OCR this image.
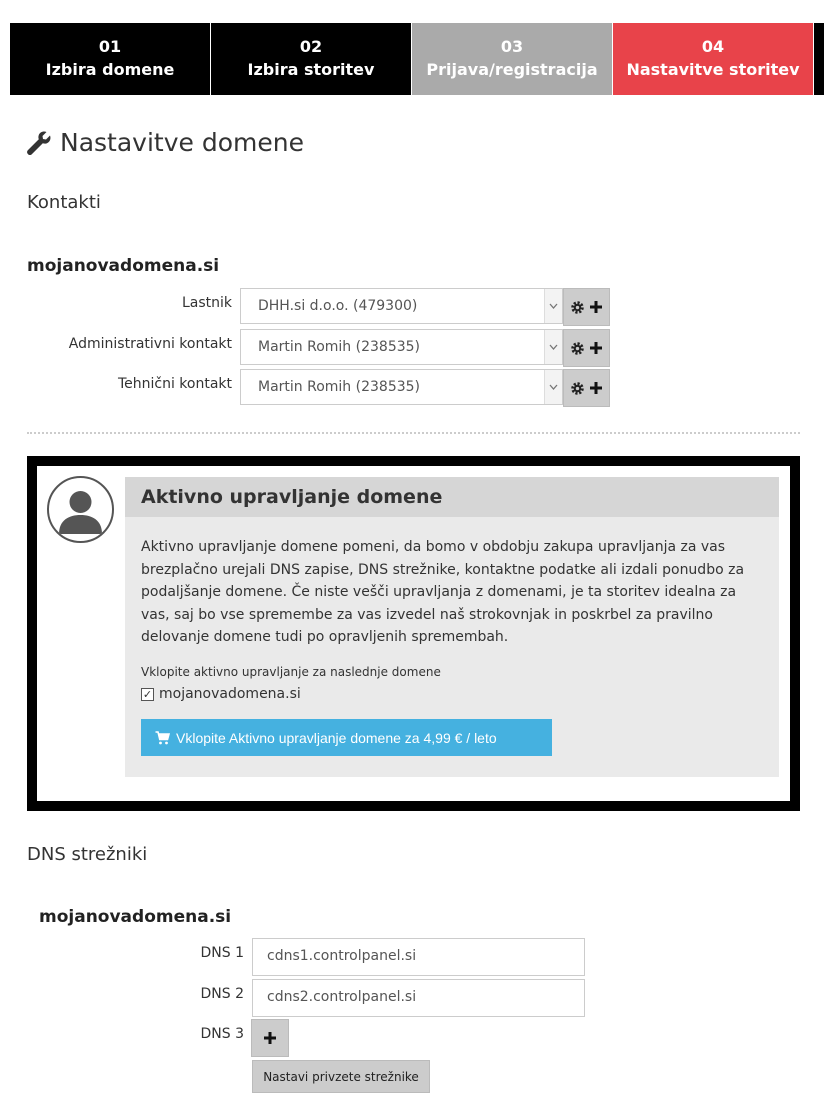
01
Izbira domene
02
Izbira storitev
03
Prijava/registracija
04
Nastavitve storitev
Nastavitve domene
Kontakti
mojanovadomena.si
Lastnik DHH.si d.o.o. (479300)
Administrativni kontakt Martin Romih (238535)
Tehnični kontakt Martin Romih (238535)
Aktivno upravljanje domene
Aktivno upravljanje domene pomeni, da bomo v obdobju zakupa upravljanja za vas brezplačno urejali DNS zapise, DNS strežnike, kontaktne podatke ali izdali ponudbo za podaljšanje domene. Če niste vešči upravljanja z domenami, je ta storitev idealna za vas, saj bo vse spremembe za vas izvedel naš strokovnjak in poskrbel za pravilno delovanje domene tudi po opravljenih spremembah.
Vklopite aktivno upravljanje za naslednje domene
✓ mojanovadomena.si
Vklopite Aktivno upravljanje domene za 4,99 € / leto
DNS strežniki
mojanovadomena.si
DNS 1	cdns1.controlpanel.si
DNS 2	cdns2.controlpanel.si
DNS 3
Nastavi privzete strežnike
